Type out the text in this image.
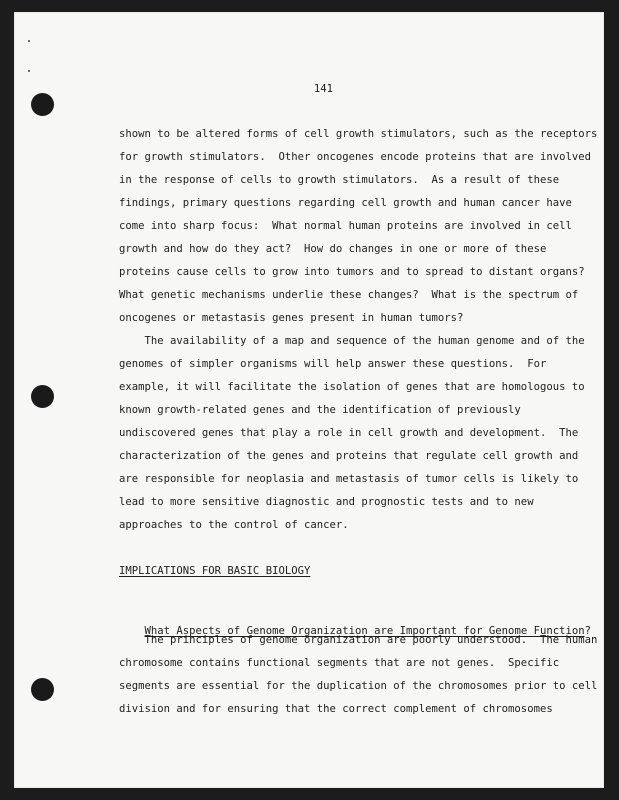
141
shown to be altered forms of cell growth stimulators, such as the receptors
for growth stimulators.  Other oncogenes encode proteins that are involved
in the response of cells to growth stimulators.  As a result of these
findings, primary questions regarding cell growth and human cancer have
come into sharp focus:  What normal human proteins are involved in cell
growth and how do they act?  How do changes in one or more of these
proteins cause cells to grow into tumors and to spread to distant organs?
What genetic mechanisms underlie these changes?  What is the spectrum of
oncogenes or metastasis genes present in human tumors?
The availability of a map and sequence of the human genome and of the
genomes of simpler organisms will help answer these questions.  For
example, it will facilitate the isolation of genes that are homologous to
known growth-related genes and the identification of previously
undiscovered genes that play a role in cell growth and development.  The
characterization of the genes and proteins that regulate cell growth and
are responsible for neoplasia and metastasis of tumor cells is likely to
lead to more sensitive diagnostic and prognostic tests and to new
approaches to the control of cancer.
IMPLICATIONS FOR BASIC BIOLOGY

What Aspects of Genome Organization are Important for Genome Function?

The principles of genome organization are poorly understood.  The human
chromosome contains functional segments that are not genes.  Specific
segments are essential for the duplication of the chromosomes prior to cell
division and for ensuring that the correct complement of chromosomes
